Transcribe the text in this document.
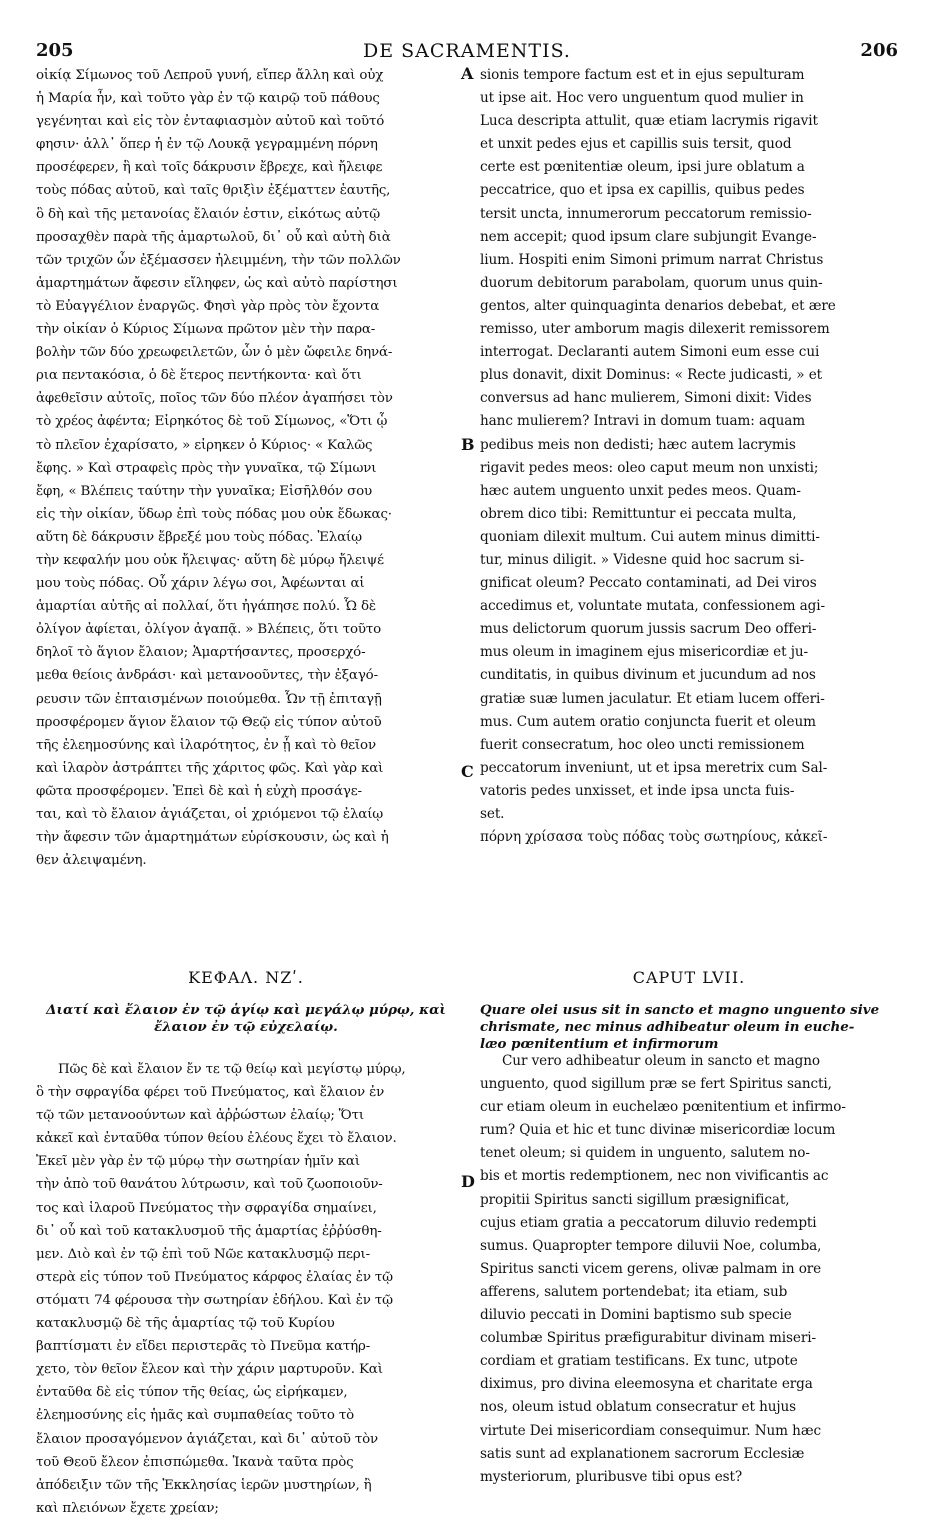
205	DE SACRAMENTIS.	206
A
B
C
D
οἰκίᾳ Σίμωνος τοῦ Λεπροῦ γυνή, εἴπερ ἄλλη καὶ οὐχ
ἡ Μαρία ἦν, καὶ τοῦτο γὰρ ἐν τῷ καιρῷ τοῦ πάθους
γεγένηται καὶ εἰς τὸν ἐνταφιασμὸν αὐτοῦ καὶ τοῦτό
φησιν· ἀλλ᾽ ὅπερ ἡ ἐν τῷ Λουκᾷ γεγραμμένη πόρνη
προσέφερεν, ἣ καὶ τοῖς δάκρυσιν ἔβρεχε, καὶ ἤλειφε
τοὺς πόδας αὐτοῦ, καὶ ταῖς θριξὶν ἐξέματτεν ἑαυτῆς,
ὃ δὴ καὶ τῆς μετανοίας ἔλαιόν ἐστιν, εἰκότως αὐτῷ
προσαχθὲν παρὰ τῆς ἁμαρτωλοῦ, δι᾽ οὗ καὶ αὐτὴ διὰ
τῶν τριχῶν ὧν ἐξέμασσεν ἠλειμμένη, τὴν τῶν πολλῶν
ἁμαρτημάτων ἄφεσιν εἴληφεν, ὡς καὶ αὐτὸ παρίστησι
τὸ Εὐαγγέλιον ἐναργῶς. Φησὶ γὰρ πρὸς τὸν ἔχοντα
τὴν οἰκίαν ὁ Κύριος Σίμωνα πρῶτον μὲν τὴν παρα-
βολὴν τῶν δύο χρεωφειλετῶν, ὧν ὁ μὲν ὤφειλε δηνά-
ρια πεντακόσια, ὁ δὲ ἕτερος πεντήκοντα· καὶ ὅτι
ἀφεθεῖσιν αὐτοῖς, ποῖος τῶν δύο πλέον ἀγαπήσει τὸν
τὸ χρέος ἀφέντα; Εἰρηκότος δὲ τοῦ Σίμωνος, «Ὅτι ᾧ
τὸ πλεῖον ἐχαρίσατο, » εἰρηκεν ὁ Κύριος· « Καλῶς
ἔφης. » Καὶ στραφεὶς πρὸς τὴν γυναῖκα, τῷ Σίμωνι
ἔφη, « Βλέπεις ταύτην τὴν γυναῖκα; Εἰσῆλθόν σου
εἰς τὴν οἰκίαν, ὕδωρ ἐπὶ τοὺς πόδας μου οὐκ ἔδωκας·
αὕτη δὲ δάκρυσιν ἔβρεξέ μου τοὺς πόδας. Ἐλαίῳ
τὴν κεφαλήν μου οὐκ ἤλειψας· αὕτη δὲ μύρῳ ἤλειψέ
μου τοὺς πόδας. Οὗ χάριν λέγω σοι, Ἀφέωνται αἱ
ἁμαρτίαι αὐτῆς αἱ πολλαί, ὅτι ἠγάπησε πολύ. Ὧ δὲ
ὀλίγον ἀφίεται, ὀλίγον ἀγαπᾷ. » Βλέπεις, ὅτι τοῦτο
δηλοῖ τὸ ἅγιον ἔλαιον; Ἁμαρτήσαντες, προσερχό-
μεθα θείοις ἀνδράσι· καὶ μετανοοῦντες, τὴν ἐξαγό-
ρευσιν τῶν ἐπταισμένων ποιούμεθα. Ὧν τῇ ἐπιταγῇ
προσφέρομεν ἅγιον ἔλαιον τῷ Θεῷ εἰς τύπον αὐτοῦ
τῆς ἐλεημοσύνης καὶ ἱλαρότητος, ἐν ᾗ καὶ τὸ θεῖον
καὶ ἱλαρὸν ἀστράπτει τῆς χάριτος φῶς. Καὶ γὰρ καὶ
φῶτα προσφέρομεν. Ἐπεὶ δὲ καὶ ἡ εὐχὴ προσάγε-
ται, καὶ τὸ ἔλαιον ἁγιάζεται, οἱ χριόμενοι τῷ ἐλαίῳ
τὴν ἄφεσιν τῶν ἁμαρτημάτων εὑρίσκουσιν, ὡς καὶ ἡ
θεν ἀλειψαμένη.
sionis tempore factum est et in ejus sepulturam
ut ipse ait. Hoc vero unguentum quod mulier in
Luca descripta attulit, quæ etiam lacrymis rigavit
et unxit pedes ejus et capillis suis tersit, quod
certe est pœnitentiæ oleum, ipsi jure oblatum a
peccatrice, quo et ipsa ex capillis, quibus pedes
tersit uncta, innumerorum peccatorum remissio-
nem accepit; quod ipsum clare subjungit Evange-
lium. Hospiti enim Simoni primum narrat Christus
duorum debitorum parabolam, quorum unus quin-
gentos, alter quinquaginta denarios debebat, et ære
remisso, uter amborum magis dilexerit remissorem
interrogat. Declaranti autem Simoni eum esse cui
plus donavit, dixit Dominus: « Recte judicasti, » et
conversus ad hanc mulierem, Simoni dixit: Vides
hanc mulierem? Intravi in domum tuam: aquam
pedibus meis non dedisti; hæc autem lacrymis
rigavit pedes meos: oleo caput meum non unxisti;
hæc autem unguento unxit pedes meos. Quam-
obrem dico tibi: Remittuntur ei peccata multa,
quoniam dilexit multum. Cui autem minus dimitti-
tur, minus diligit. » Videsne quid hoc sacrum si-
gnificat oleum? Peccato contaminati, ad Dei viros
accedimus et, voluntate mutata, confessionem agi-
mus delictorum quorum jussis sacrum Deo offeri-
mus oleum in imaginem ejus misericordiæ et ju-
cunditatis, in quibus divinum et jucundum ad nos
gratiæ suæ lumen jaculatur. Et etiam lucem offeri-
mus. Cum autem oratio conjuncta fuerit et oleum
fuerit consecratum, hoc oleo uncti remissionem
peccatorum inveniunt, ut et ipsa meretrix cum Sal-
vatoris pedes unxisset, et inde ipsa uncta fuis-
set.
πόρνη χρίσασα τοὺς πόδας τοὺς σωτηρίους, κἀκεῖ-
ΚΕΦΑΛ. ΝΖʹ.	CAPUT LVII.
Διατί καὶ ἔλαιον ἐν τῷ ἁγίῳ καὶ μεγάλῳ μύρῳ, καὶ
ἔλαιον ἐν τῷ εὐχελαίῳ.
Quare olei usus sit in sancto et magno unguento sive
chrismate, nec minus adhibeatur oleum in euche-
læo pœnitentium et infirmorum
Πῶς δὲ καὶ ἔλαιον ἔν τε τῷ θείῳ καὶ μεγίστῳ μύρῳ,
ὃ τὴν σφραγίδα φέρει τοῦ Πνεύματος, καὶ ἔλαιον ἐν
τῷ τῶν μετανοούντων καὶ ἀῤῥώστων ἐλαίῳ; Ὅτι
κἀκεῖ καὶ ἐνταῦθα τύπον θείου ἐλέους ἔχει τὸ ἔλαιον.
Ἐκεῖ μὲν γὰρ ἐν τῷ μύρῳ τὴν σωτηρίαν ἡμῖν καὶ
τὴν ἀπὸ τοῦ θανάτου λύτρωσιν, καὶ τοῦ ζωοποιοῦν-
τος καὶ ἱλαροῦ Πνεύματος τὴν σφραγίδα σημαίνει,
δι᾽ οὗ καὶ τοῦ κατακλυσμοῦ τῆς ἁμαρτίας ἐῤῥύσθη-
μεν. Διὸ καὶ ἐν τῷ ἐπὶ τοῦ Νῶε κατακλυσμῷ περι-
στερὰ εἰς τύπον τοῦ Πνεύματος κάρφος ἐλαίας ἐν τῷ
στόματι 74 φέρουσα τὴν σωτηρίαν ἐδήλου. Καὶ ἐν τῷ
κατακλυσμῷ δὲ τῆς ἁμαρτίας τῷ τοῦ Κυρίου
βαπτίσματι ἐν εἴδει περιστερᾶς τὸ Πνεῦμα κατήρ-
χετο, τὸν θεῖον ἔλεον καὶ τὴν χάριν μαρτυροῦν. Καὶ
ἐνταῦθα δὲ εἰς τύπον τῆς θείας, ὡς εἰρήκαμεν,
ἐλεημοσύνης εἰς ἡμᾶς καὶ συμπαθείας τοῦτο τὸ
ἔλαιον προσαγόμενον ἁγιάζεται, καὶ δι᾽ αὐτοῦ τὸν
τοῦ Θεοῦ ἔλεον ἐπισπώμεθα. Ἱκανὰ ταῦτα πρὸς
ἀπόδειξιν τῶν τῆς Ἐκκλησίας ἱερῶν μυστηρίων, ἢ
καὶ πλειόνων ἔχετε χρείαν;
Cur vero adhibeatur oleum in sancto et magno
unguento, quod sigillum præ se fert Spiritus sancti,
cur etiam oleum in euchelæo pœnitentium et infirmo-
rum? Quia et hic et tunc divinæ misericordiæ locum
tenet oleum; si quidem in unguento, salutem no-
bis et mortis redemptionem, nec non vivificantis ac
propitii Spiritus sancti sigillum præsignificat,
cujus etiam gratia a peccatorum diluvio redempti
sumus. Quapropter tempore diluvii Noe, columba,
Spiritus sancti vicem gerens, olivæ palmam in ore
afferens, salutem portendebat; ita etiam, sub
diluvio peccati in Domini baptismo sub specie
columbæ Spiritus præfigurabitur divinam miseri-
cordiam et gratiam testificans. Ex tunc, utpote
diximus, pro divina eleemosyna et charitate erga
nos, oleum istud oblatum consecratur et hujus
virtute Dei misericordiam consequimur. Num hæc
satis sunt ad explanationem sacrorum Ecclesiæ
mysteriorum, pluribusve tibi opus est?
